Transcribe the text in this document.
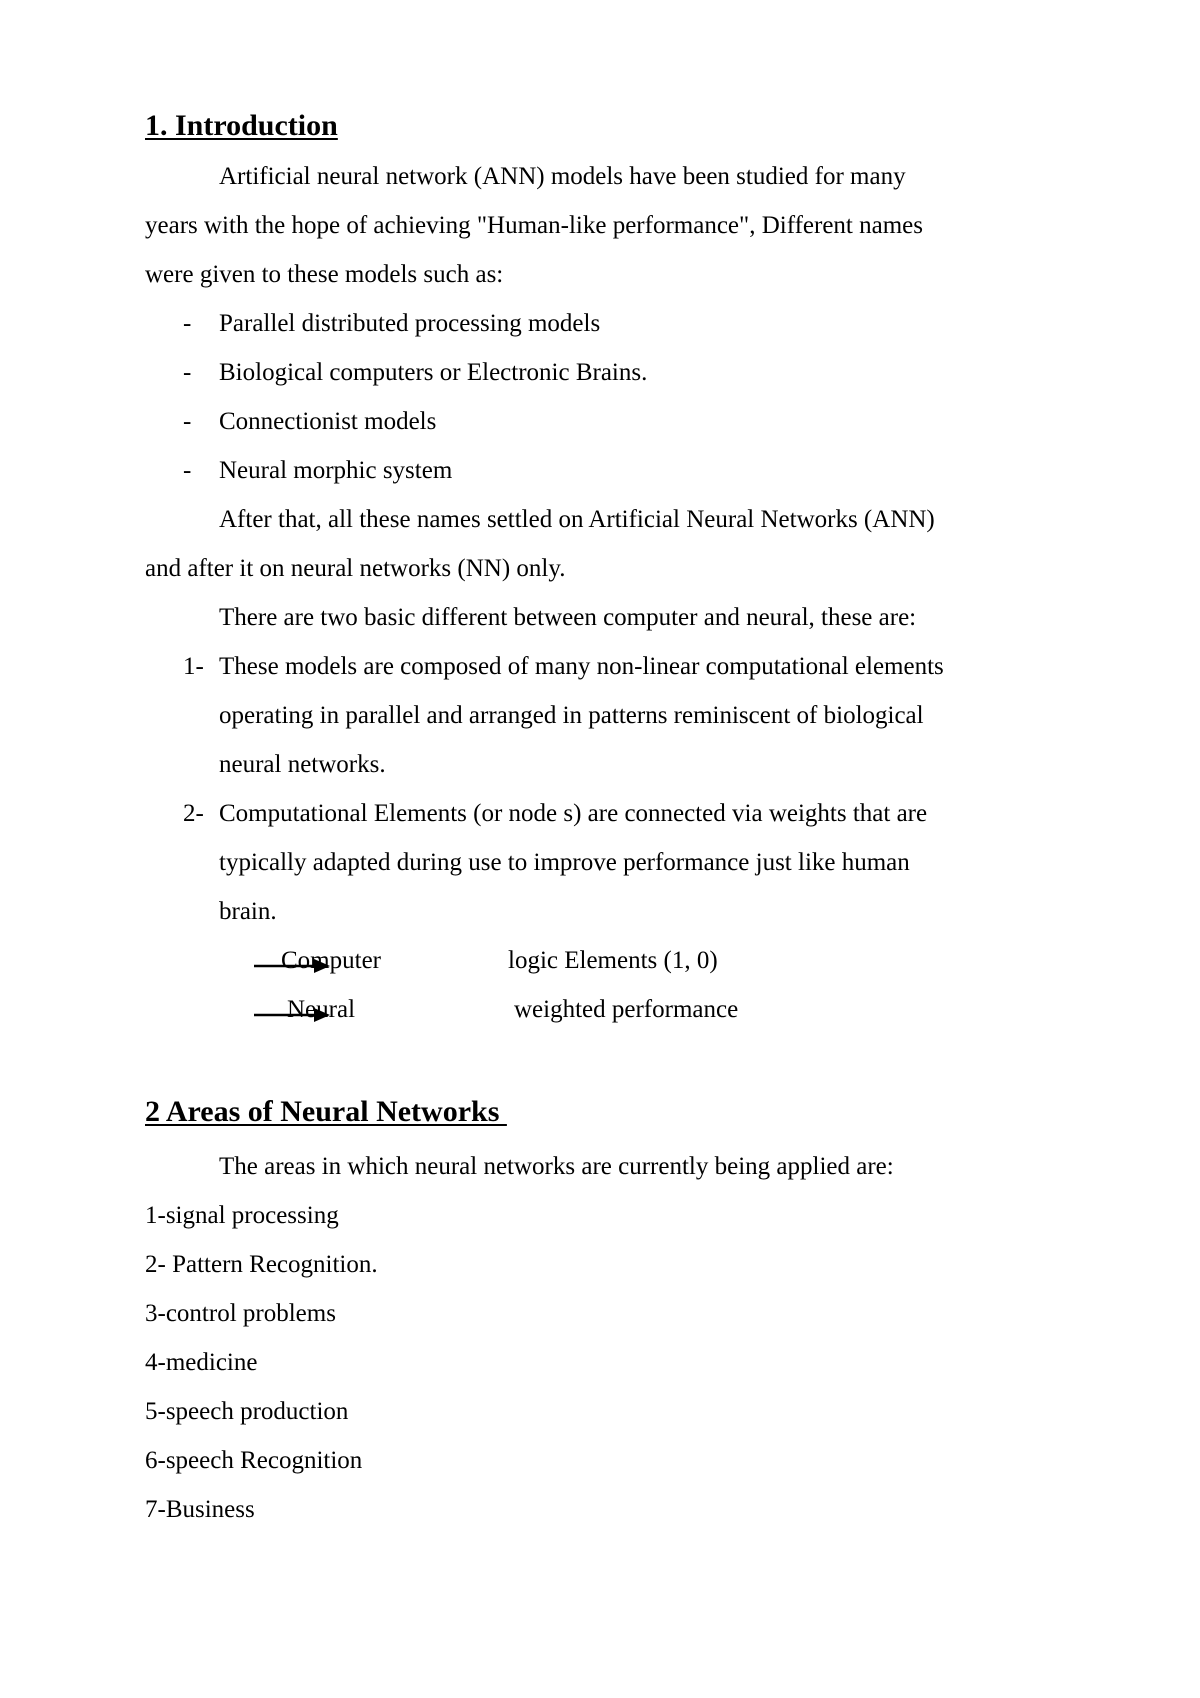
1. Introduction
Artificial neural network (ANN) models have been studied for many
years with the hope of achieving "Human-like performance", Different names
were given to these models such as:
- Parallel distributed processing models
- Biological computers or Electronic Brains.
- Connectionist models
- Neural morphic system
After that, all these names settled on Artificial Neural Networks (ANN)
and after it on neural networks (NN) only.
There are two basic different between computer and neural, these are:
1- These models are composed of many non-linear computational elements
operating in parallel and arranged in patterns reminiscent of biological
neural networks.
2- Computational Elements (or node s) are connected via weights that are
typically adapted during use to improve performance just like human
brain.
Computer	logic Elements (1, 0)
Neural	weighted performance
2 Areas of Neural Networks
The areas in which neural networks are currently being applied are:
1-signal processing
2- Pattern Recognition.
3-control problems
4-medicine
5-speech production
6-speech Recognition
7-Business
